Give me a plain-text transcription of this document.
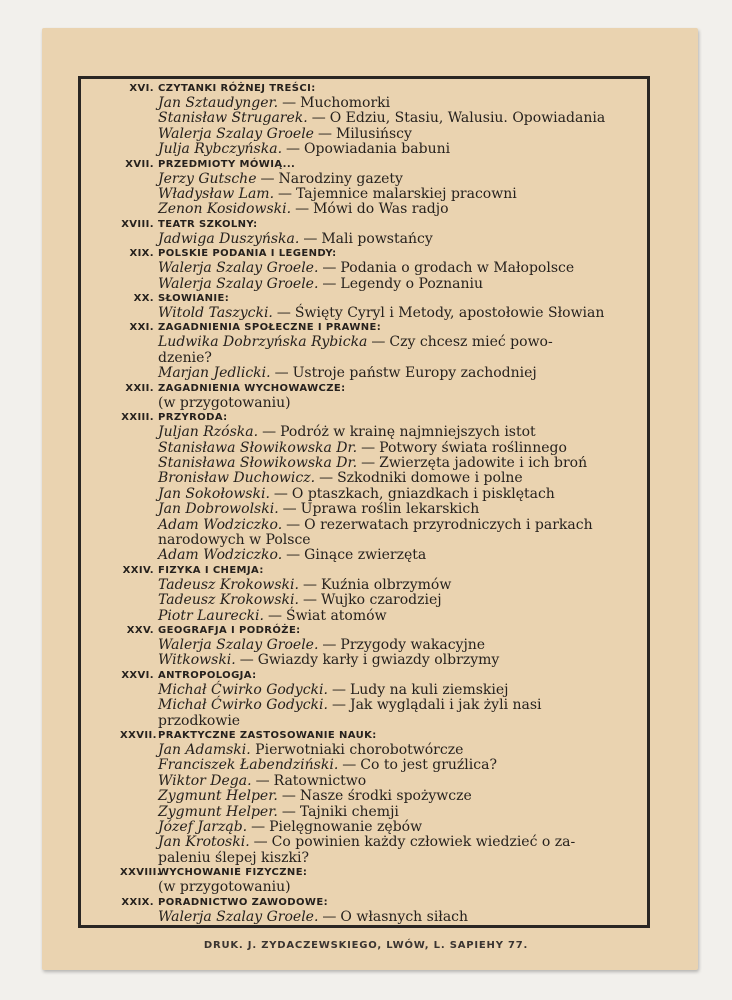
XVI. CZYTANKI RÓŻNEJ TREŚCI:
Jan Sztaudynger. — Muchomorki
Stanisław Strugarek. — O Edziu, Stasiu, Walusiu. Opowiadania
Walerja Szalay Groele — Milusińscy
Julja Rybczyńska. — Opowiadania babuni
XVII. PRZEDMIOTY MÓWIĄ...
Jerzy Gutsche — Narodziny gazety
Władysław Lam. — Tajemnice malarskiej pracowni
Zenon Kosidowski. — Mówi do Was radjo
XVIII. TEATR SZKOLNY:
Jadwiga Duszyńska. — Mali powstańcy
XIX. POLSKIE PODANIA I LEGENDY:
Walerja Szalay Groele. — Podania o grodach w Małopolsce
Walerja Szalay Groele. — Legendy o Poznaniu
XX. SŁOWIANIE:
Witold Taszycki. — Święty Cyryl i Metody, apostołowie Słowian
XXI. ZAGADNIENIA SPOŁECZNE I PRAWNE:
Ludwika Dobrzyńska Rybicka — Czy chcesz mieć powo-
dzenie?
Marjan Jedlicki. — Ustroje państw Europy zachodniej
XXII. ZAGADNIENIA WYCHOWAWCZE:
(w przygotowaniu)
XXIII. PRZYRODA:
Juljan Rzóska. — Podróż w krainę najmniejszych istot
Stanisława Słowikowska Dr. — Potwory świata roślinnego
Stanisława Słowikowska Dr. — Zwierzęta jadowite i ich broń
Bronisław Duchowicz. — Szkodniki domowe i polne
Jan Sokołowski. — O ptaszkach, gniazdkach i pisklętach
Jan Dobrowolski. — Uprawa roślin lekarskich
Adam Wodziczko. — O rezerwatach przyrodniczych i parkach
narodowych w Polsce
Adam Wodziczko. — Ginące zwierzęta
XXIV. FIZYKA I CHEMJA:
Tadeusz Krokowski. — Kuźnia olbrzymów
Tadeusz Krokowski. — Wujko czarodziej
Piotr Laurecki. — Świat atomów
XXV. GEOGRAFJA I PODRÓŻE:
Walerja Szalay Groele. — Przygody wakacyjne
Witkowski. — Gwiazdy karły i gwiazdy olbrzymy
XXVI. ANTROPOLOGJA:
Michał Ćwirko Godycki. — Ludy na kuli ziemskiej
Michał Ćwirko Godycki. — Jak wyglądali i jak żyli nasi
przodkowie
XXVII. PRAKTYCZNE ZASTOSOWANIE NAUK:
Jan Adamski. Pierwotniaki chorobotwórcze
Franciszek Łabendziński. — Co to jest gruźlica?
Wiktor Dega. — Ratownictwo
Zygmunt Helper. — Nasze środki spożywcze
Zygmunt Helper. — Tajniki chemji
Józef Jarząb. — Pielęgnowanie zębów
Jan Krotoski. — Co powinien każdy człowiek wiedzieć o za-
paleniu ślepej kiszki?
XXVIII.
WYCHOWANIE FIZYCZNE:
(w przygotowaniu)
XXIX. PORADNICTWO ZAWODOWE:
Walerja Szalay Groele. — O własnych siłach
DRUK. J. ZYDACZEWSKIEGO, LWÓW, L. SAPIEHY 77.
